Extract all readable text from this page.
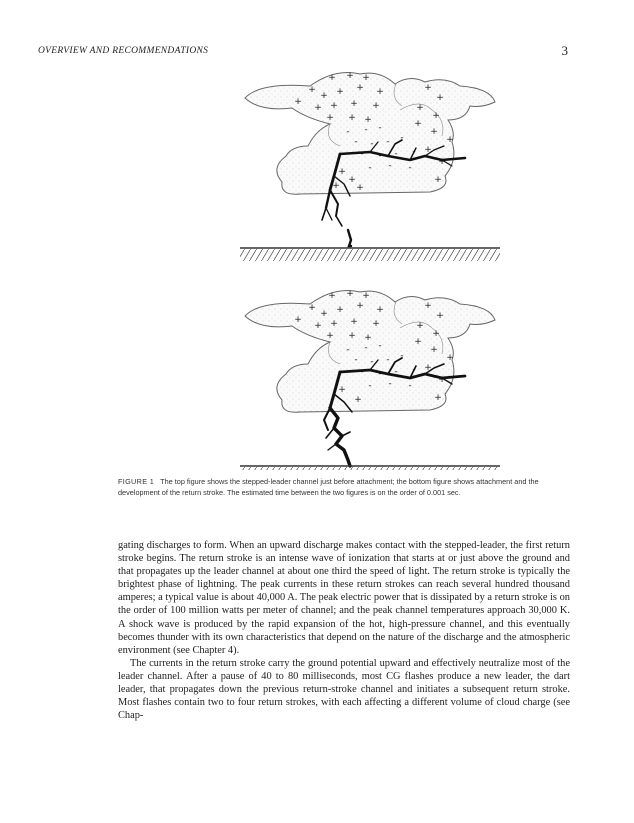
OVERVIEW AND RECOMMENDATIONS	3
+ + +
+
+ + + +
+
+ + + +
+ + +
+
+
+
+
+
+
+
+
+
+
- -
-
- - - -
- - - -
- - -
+
+
+ +
+ + +
+
+ + + +
+
+ + + +
+ + +
+
+
+
+
+
+
+
+
+
+
- -
-
- - - -
- - - -
- - -
+
+
FIGURE 1 The top figure shows the stepped-leader channel just before attachment; the bottom figure shows attachment and the development of the return stroke. The estimated time between the two figures is on the order of 0.001 sec.

gating discharges to form. When an upward discharge makes contact with the stepped-leader, the first return stroke begins. The return stroke is an intense wave of ionization that starts at or just above the ground and that propagates up the leader channel at about one third the speed of light. The return stroke is typically the brightest phase of lightning. The peak currents in these return strokes can reach several hundred thousand amperes; a typical value is about 40,000 A. The peak electric power that is dissipated by a return stroke is on the order of 100 million watts per meter of channel; and the peak channel temperatures approach 30,000 K. A shock wave is produced by the rapid expansion of the hot, high-pressure channel, and this eventually becomes thunder with its own characteristics that depend on the nature of the discharge and the atmospheric environment (see Chapter 4).

The currents in the return stroke carry the ground potential upward and effectively neutralize most of the leader channel. After a pause of 40 to 80 milliseconds, most CG flashes produce a new leader, the dart leader, that propagates down the previous return-stroke channel and initiates a subsequent return stroke. Most flashes contain two to four return strokes, with each affecting a different volume of cloud charge (see Chap-
